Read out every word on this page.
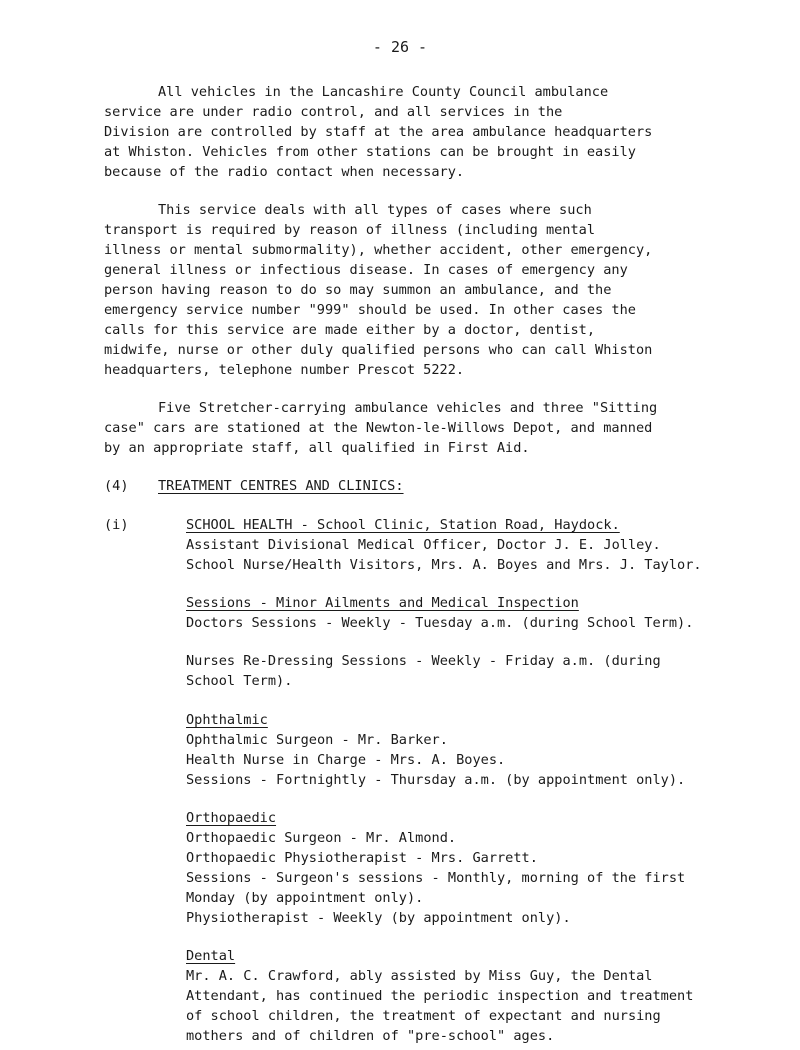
- 26 -
All vehicles in the Lancashire County Council ambulance
service are under radio control, and all services in the
Division are controlled by staff at the area ambulance headquarters
at Whiston. Vehicles from other stations can be brought in easily
because of the radio contact when necessary.
This service deals with all types of cases where such
transport is required by reason of illness (including mental
illness or mental submormality), whether accident, other emergency,
general illness or infectious disease. In cases of emergency any
person having reason to do so may summon an ambulance, and the
emergency service number "999" should be used. In other cases the
calls for this service are made either by a doctor, dentist,
midwife, nurse or other duly qualified persons who can call Whiston
headquarters, telephone number Prescot 5222.
Five Stretcher-carrying ambulance vehicles and three "Sitting
case" cars are stationed at the Newton-le-Willows Depot, and manned
by an appropriate staff, all qualified in First Aid.
(4) TREATMENT CENTRES AND CLINICS:
(i)	SCHOOL HEALTH - School Clinic, Station Road, Haydock.
Assistant Divisional Medical Officer, Doctor J. E. Jolley.
School Nurse/Health Visitors, Mrs. A. Boyes and Mrs. J. Taylor.
Sessions - Minor Ailments and Medical Inspection
Doctors Sessions - Weekly - Tuesday a.m. (during School Term).
Nurses Re-Dressing Sessions - Weekly - Friday a.m. (during
School Term).
Ophthalmic
Ophthalmic Surgeon - Mr. Barker.
Health Nurse in Charge - Mrs. A. Boyes.
Sessions - Fortnightly - Thursday a.m. (by appointment only).
Orthopaedic
Orthopaedic Surgeon - Mr. Almond.
Orthopaedic Physiotherapist - Mrs. Garrett.
Sessions - Surgeon's sessions - Monthly, morning of the first
Monday (by appointment only).
Physiotherapist - Weekly (by appointment only).
Dental
Mr. A. C. Crawford, ably assisted by Miss Guy, the Dental
Attendant, has continued the periodic inspection and treatment
of school children, the treatment of expectant and nursing
mothers and of children of "pre-school" ages.
